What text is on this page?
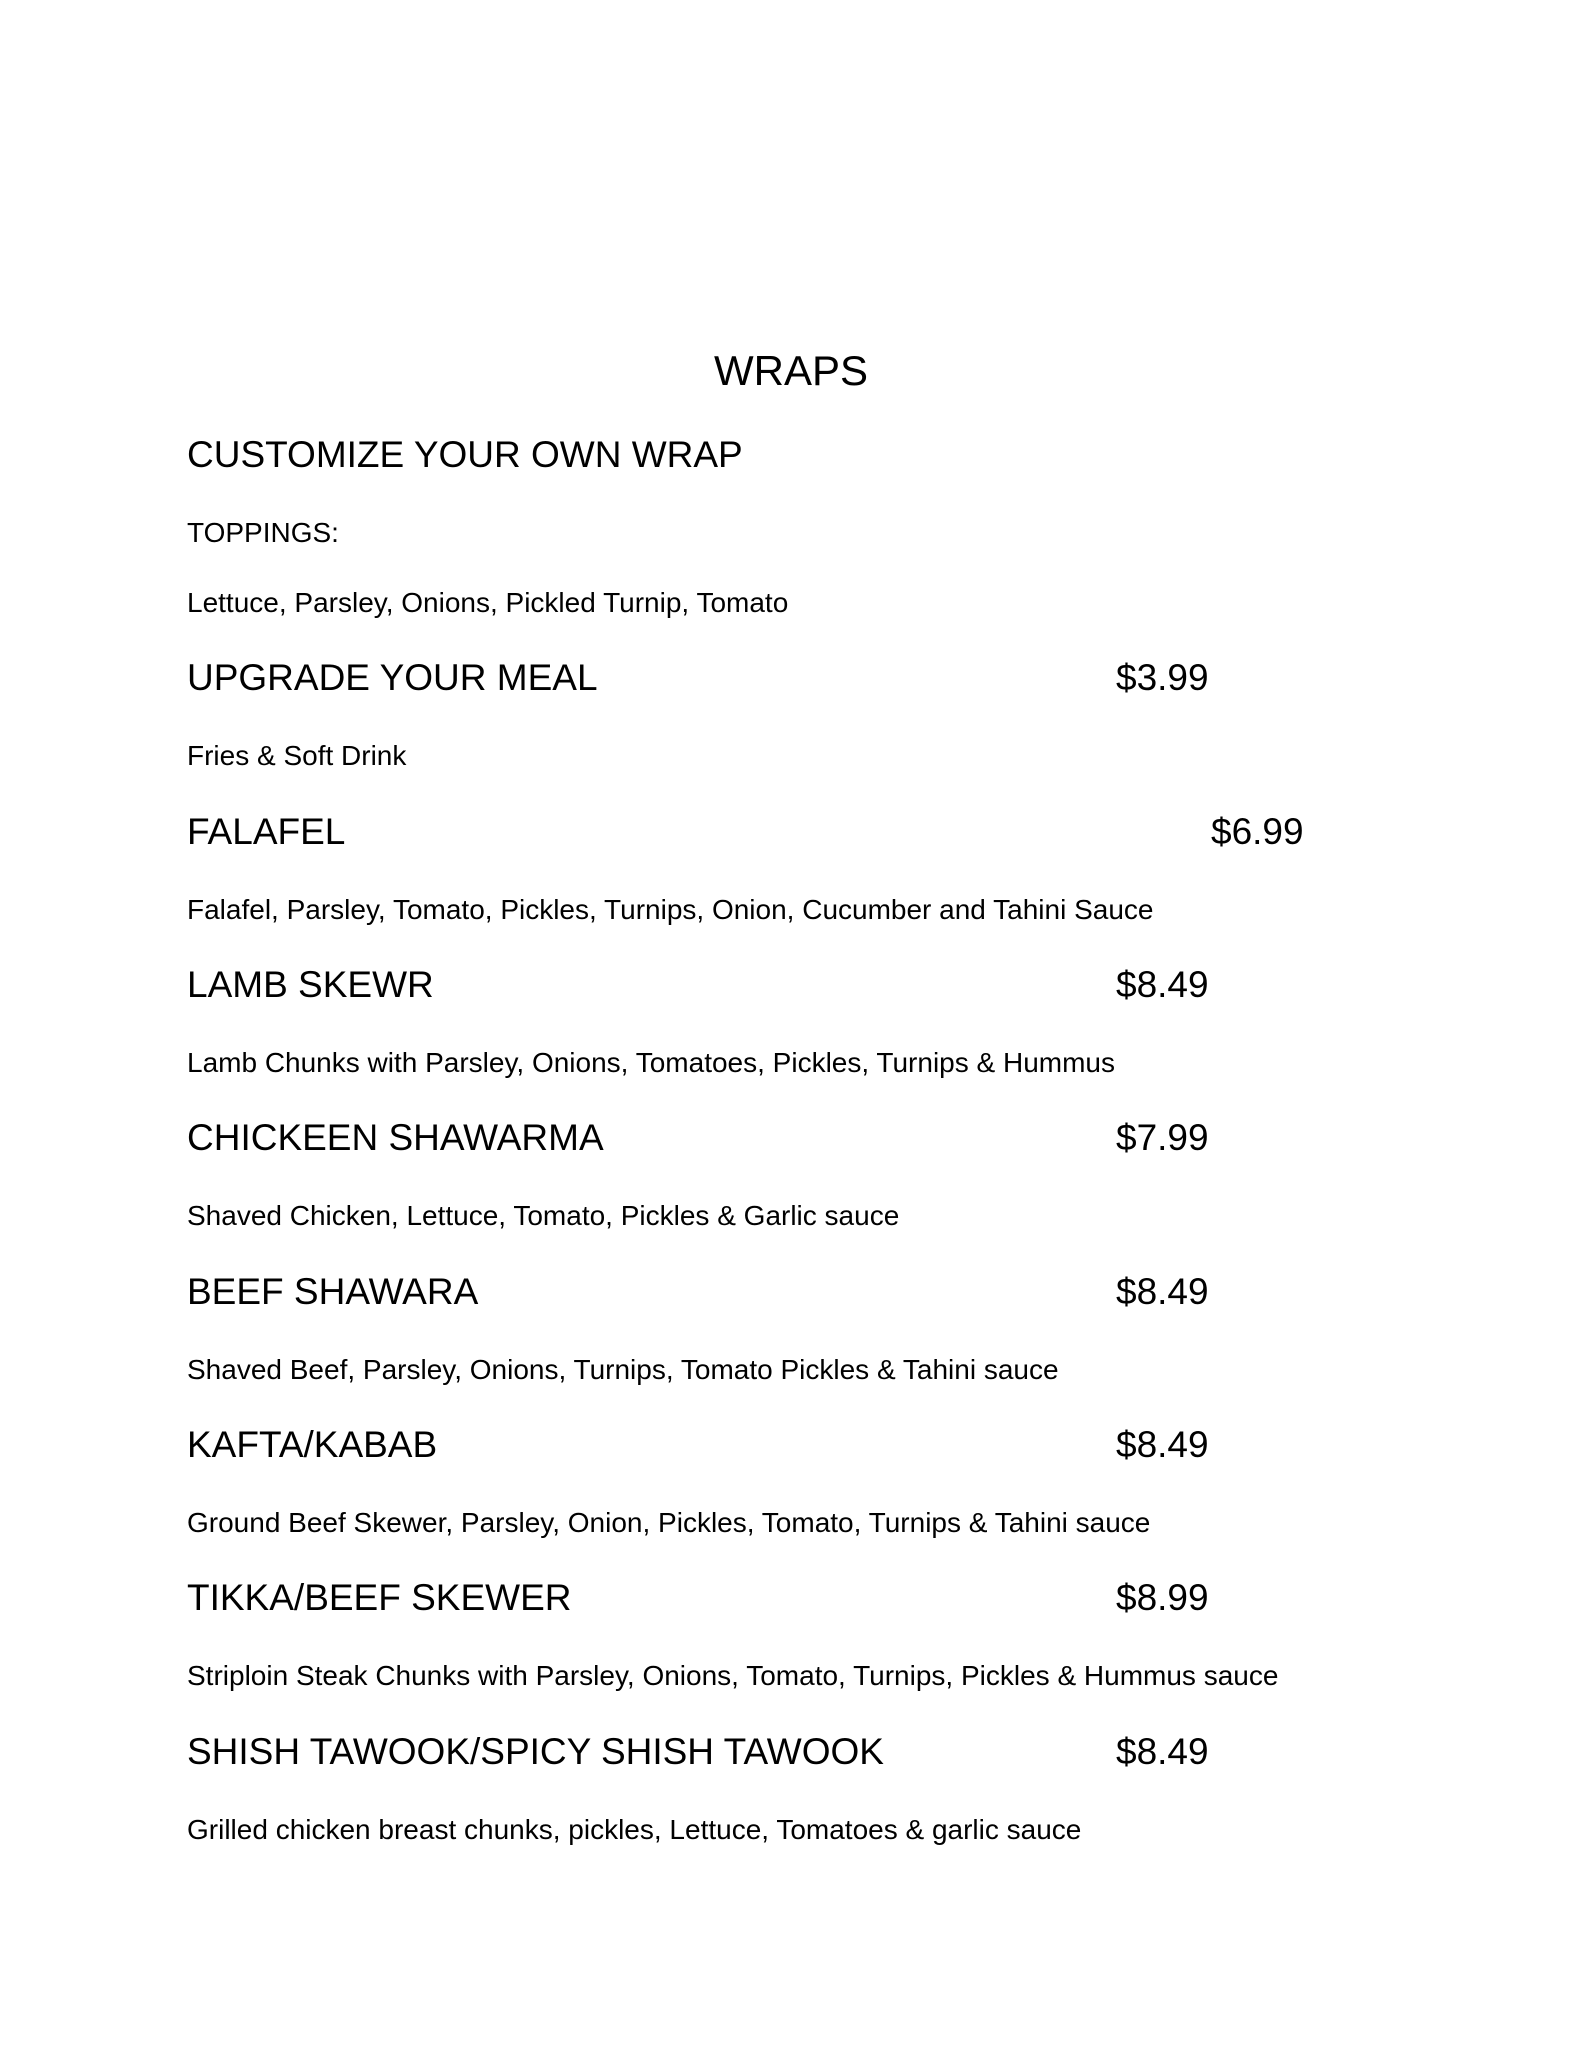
WRAPS
CUSTOMIZE YOUR OWN WRAP
TOPPINGS:
Lettuce, Parsley, Onions, Pickled Turnip, Tomato
UPGRADE YOUR MEAL	$3.99
Fries & Soft Drink
FALAFEL	$6.99
Falafel, Parsley, Tomato, Pickles, Turnips, Onion, Cucumber and Tahini Sauce
LAMB SKEWR	$8.49
Lamb Chunks with Parsley, Onions, Tomatoes, Pickles, Turnips & Hummus
CHICKEEN SHAWARMA	$7.99
Shaved Chicken, Lettuce, Tomato, Pickles & Garlic sauce
BEEF SHAWARA	$8.49
Shaved Beef, Parsley, Onions, Turnips, Tomato Pickles & Tahini sauce
KAFTA/KABAB	$8.49
Ground Beef Skewer, Parsley, Onion, Pickles, Tomato, Turnips & Tahini sauce
TIKKA/BEEF SKEWER	$8.99
Striploin Steak Chunks with Parsley, Onions, Tomato, Turnips, Pickles & Hummus sauce
SHISH TAWOOK/SPICY SHISH TAWOOK	$8.49
Grilled chicken breast chunks, pickles, Lettuce, Tomatoes & garlic sauce
